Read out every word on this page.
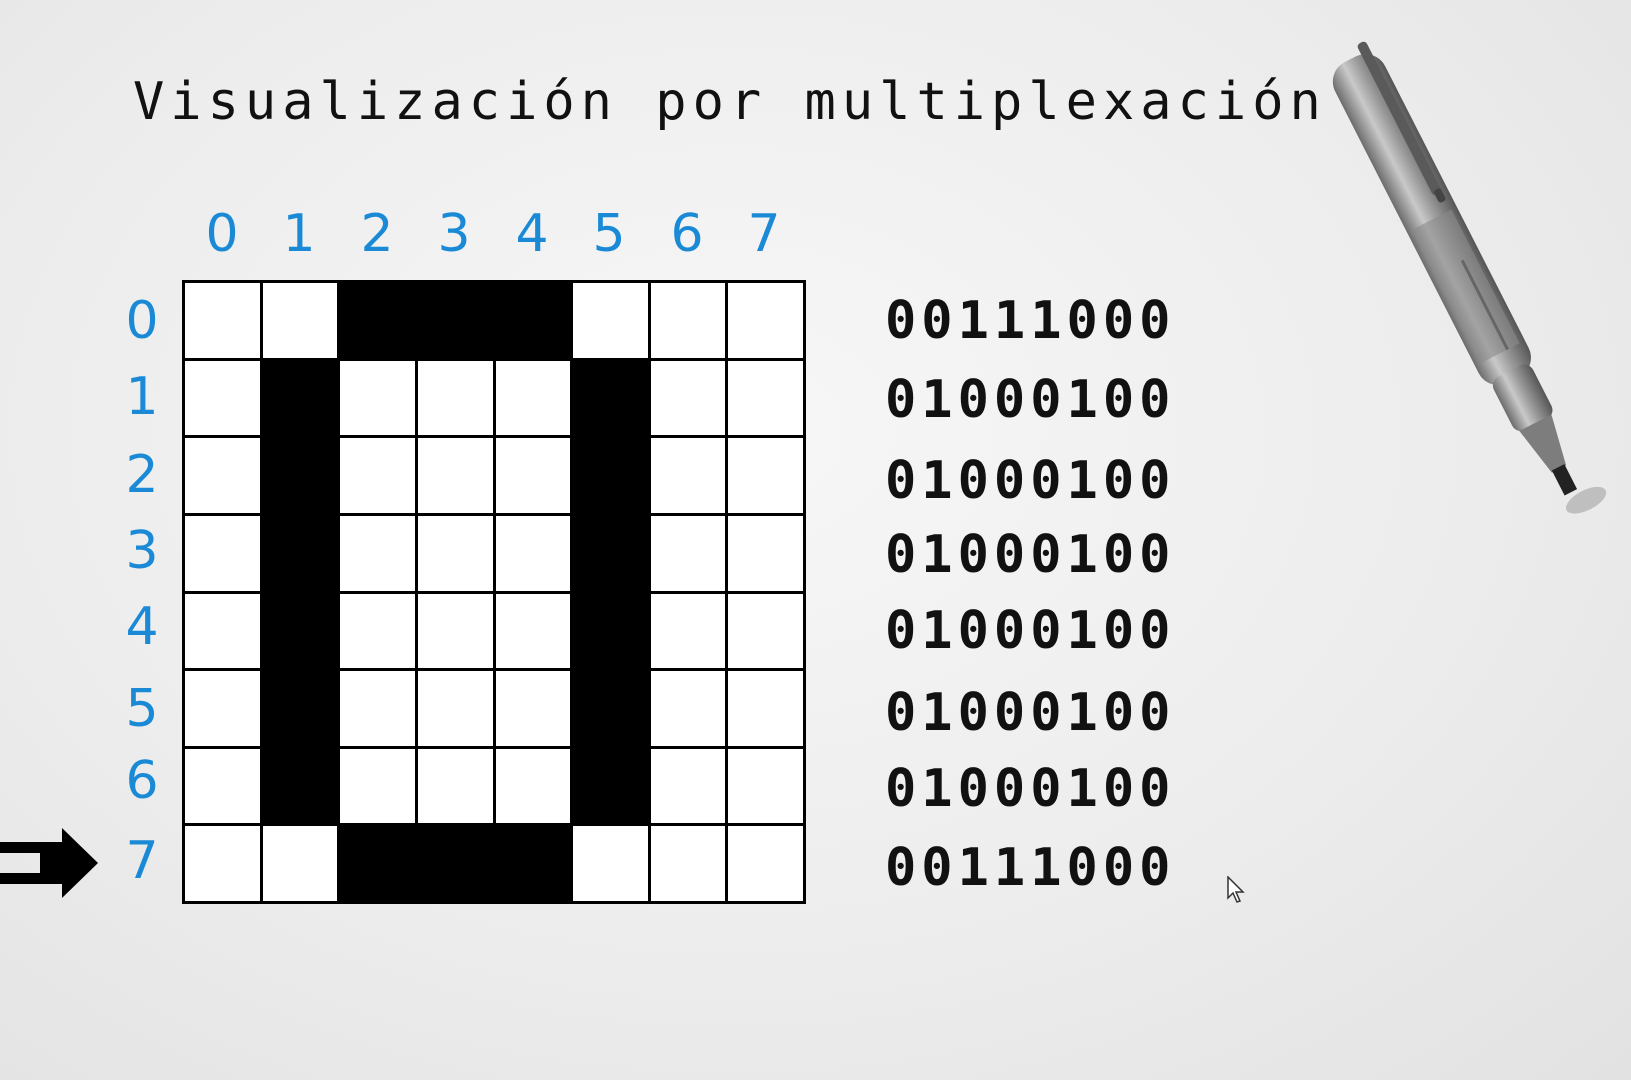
Visualización por multiplexación
0 1 2 3 4 5 6 7
0
1
2
3
4
5
6
7
00111000
01000100
01000100
01000100
01000100
01000100
01000100
00111000
